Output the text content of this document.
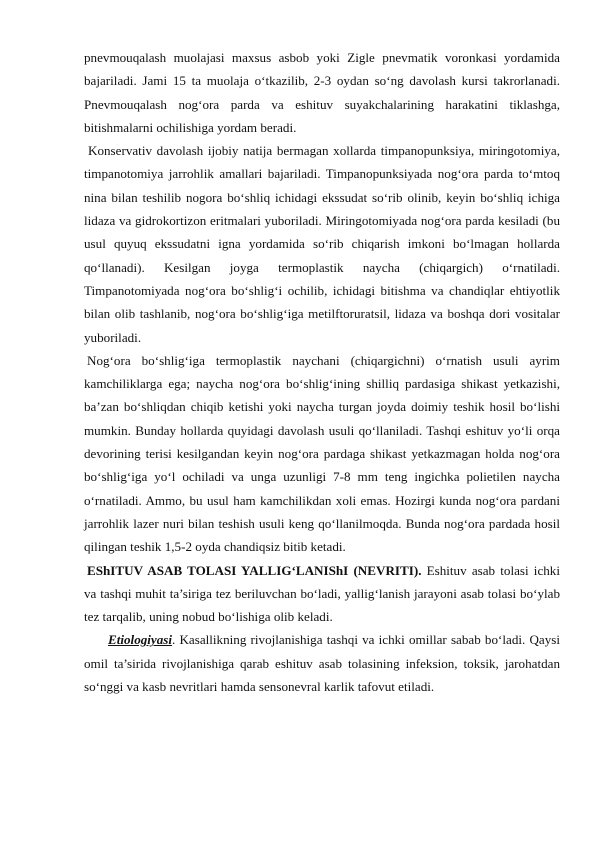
pnevmouqalash muolajasi maxsus asbob yoki Zigle pnevmatik voronkasi yordamida bajariladi. Jami 15 ta muolaja o‘tkazilib, 2-3 oydan so‘ng davolash kursi takrorlanadi. Pnevmouqalash nog‘ora parda va eshituv suyakchalarining harakatini tiklashga, bitishmalarni ochilishiga yordam beradi.

Konservativ davolash ijobiy natija bermagan xollarda timpanopunksiya, miringotomiya, timpanotomiya jarrohlik amallari bajariladi. Timpanopunksiyada nog‘ora parda to‘mtoq nina bilan teshilib nogora bo‘shliq ichidagi ekssudat so‘rib olinib, keyin bo‘shliq ichiga lidaza va gidrokortizon eritmalari yuboriladi. Miringotomiyada nog‘ora parda kesiladi (bu usul quyuq ekssudatni igna yordamida so‘rib chiqarish imkoni bo‘lmagan hollarda qo‘llanadi). Kesilgan joyga termoplastik naycha (chiqargich) o‘rnatiladi. Timpanotomiyada nog‘ora bo‘shlig‘i ochilib, ichidagi bitishma va chandiqlar ehtiyotlik bilan olib tashlanib, nog‘ora bo‘shlig‘iga metilftoruratsil, lidaza va boshqa dori vositalar yuboriladi.

Nog‘ora bo‘shlig‘iga termoplastik naychani (chiqargichni) o‘rnatish usuli ayrim kamchiliklarga ega; naycha nog‘ora bo‘shlig‘ining shilliq pardasiga shikast yetkazishi, ba’zan bo‘shliqdan chiqib ketishi yoki naycha turgan joyda doimiy teshik hosil bo‘lishi mumkin. Bunday hollarda quyidagi davolash usuli qo‘llaniladi. Tashqi eshituv yo‘li orqa devorining terisi kesilgandan keyin nog‘ora pardaga shikast yetkazmagan holda nog‘ora bo‘shlig‘iga yo‘l ochiladi va unga uzunligi 7-8 mm teng ingichka polietilen naycha o‘rnatiladi. Ammo, bu usul ham kamchilikdan xoli emas. Hozirgi kunda nog‘ora pardani jarrohlik lazer nuri bilan teshish usuli keng qo‘llanilmoqda. Bunda nog‘ora pardada hosil qilingan teshik 1,5-2 oyda chandiqsiz bitib ketadi.

EShITUV ASAB TOLASI YALLIG‘LANIShI (NEVRITI). Eshituv asab tolasi ichki va tashqi muhit ta’siriga tez beriluvchan bo‘ladi, yallig‘lanish jarayoni asab tolasi bo‘ylab tez tarqalib, uning nobud bo‘lishiga olib keladi.

Etiologiyasi. Kasallikning rivojlanishiga tashqi va ichki omillar sabab bo‘ladi. Qaysi omil ta’sirida rivojlanishiga qarab eshituv asab tolasining infeksion, toksik, jarohatdan so‘nggi va kasb nevritlari hamda sensonevral karlik tafovut etiladi.
